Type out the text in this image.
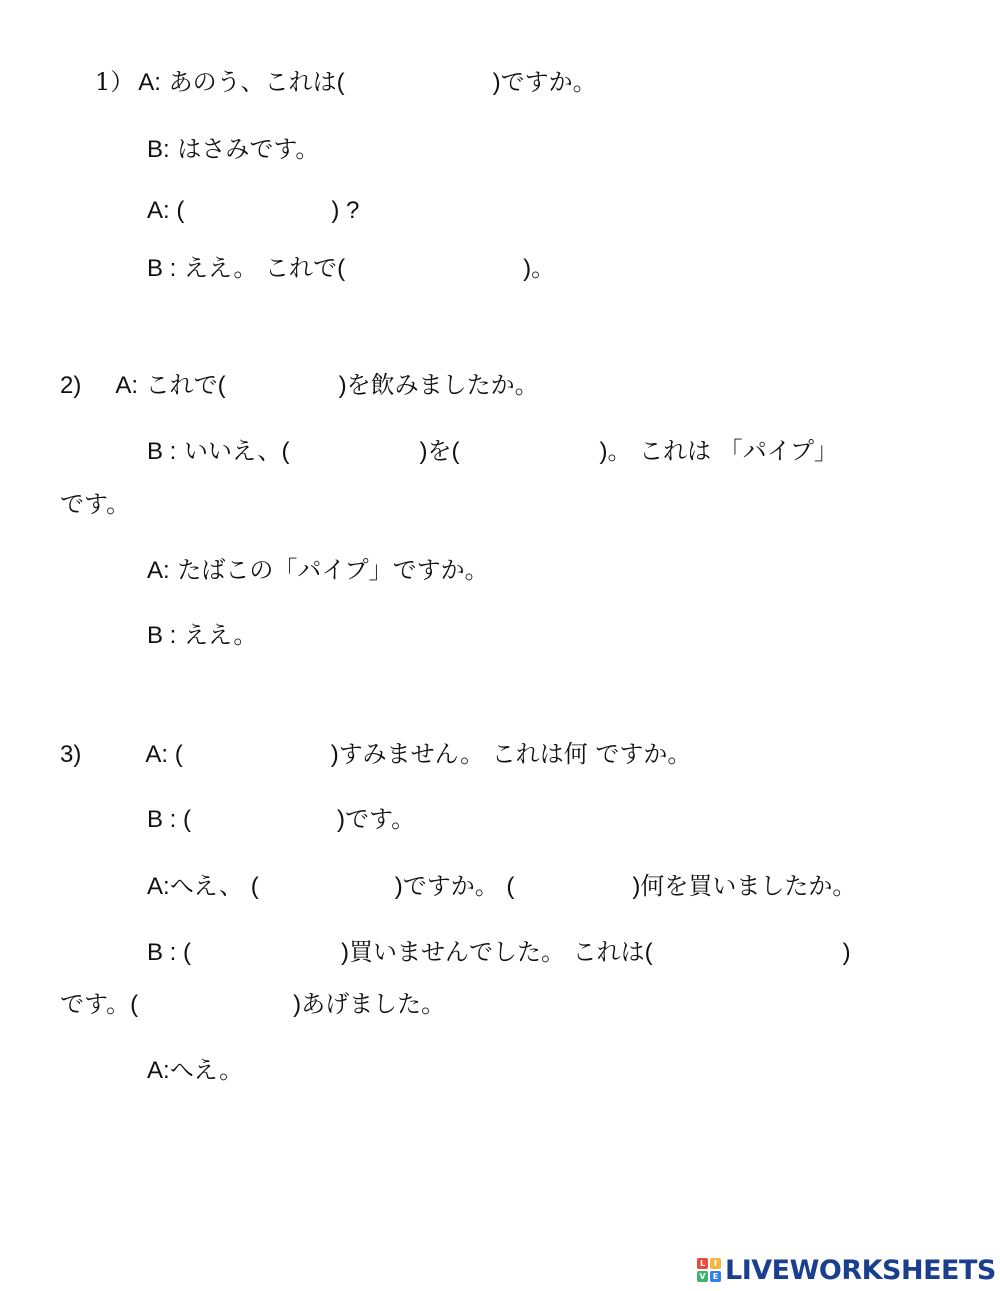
1） A: あのう、これは(	)ですか。
B: はさみです。
A: (	) ?
B : ええ。 これで(	)。
2) A: これで(	)を飲みましたか。
B : いいえ、(	)を(	)。 これは 「パイプ」
です。
A: たばこの「パイプ」ですか。
B : ええ。
3)	A: (	)すみません。 これは何 ですか。
B : (	)です。
A:へえ、 (	)ですか。 (	)何を買いましたか。
B : (	)買いませんでした。 これは(	)
です。(	)あげました。
A:へえ。
L	I
V E LIVEWORKSHEETS
